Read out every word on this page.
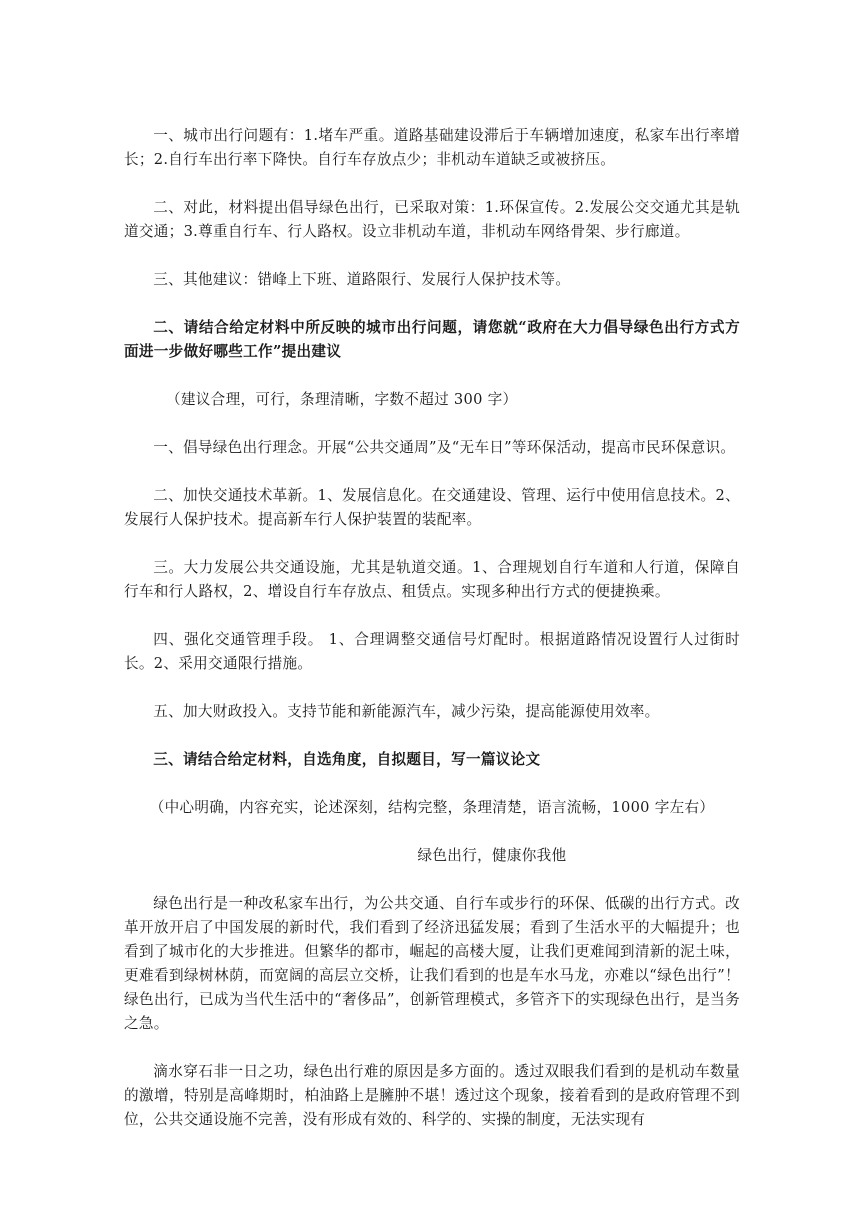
一、城市出行问题有：1.堵车严重。道路基础建设滞后于车辆增加速度，私家车出行率增长；2.自行车出行率下降快。自行车存放点少；非机动车道缺乏或被挤压。

二、对此，材料提出倡导绿色出行，已采取对策：1.环保宣传。2.发展公交交通尤其是轨道交通；3.尊重自行车、行人路权。设立非机动车道，非机动车网络骨架、步行廊道。

三、其他建议：错峰上下班、道路限行、发展行人保护技术等。

二、请结合给定材料中所反映的城市出行问题，请您就“政府在大力倡导绿色出行方式方面进一步做好哪些工作”提出建议

（建议合理，可行，条理清晰，字数不超过 300 字）

一、倡导绿色出行理念。开展“公共交通周”及“无车日”等环保活动，提高市民环保意识。

二、加快交通技术革新。1、发展信息化。在交通建设、管理、运行中使用信息技术。2、发展行人保护技术。提高新车行人保护装置的装配率。

三。大力发展公共交通设施，尤其是轨道交通。1、合理规划自行车道和人行道，保障自行车和行人路权，2、增设自行车存放点、租赁点。实现多种出行方式的便捷换乘。

四、强化交通管理手段。 1、合理调整交通信号灯配时。根据道路情况设置行人过街时长。2、采用交通限行措施。

五、加大财政投入。支持节能和新能源汽车，减少污染，提高能源使用效率。

三、请结合给定材料，自选角度，自拟题目，写一篇议论文

（中心明确，内容充实，论述深刻，结构完整，条理清楚，语言流畅，1000 字左右）

绿色出行，健康你我他

绿色出行是一种改私家车出行，为公共交通、自行车或步行的环保、低碳的出行方式。改革开放开启了中国发展的新时代，我们看到了经济迅猛发展；看到了生活水平的大幅提升；也看到了城市化的大步推进。但繁华的都市，崛起的高楼大厦，让我们更难闻到清新的泥土味，更难看到绿树林荫，而宽阔的高层立交桥，让我们看到的也是车水马龙，亦难以“绿色出行”！绿色出行，已成为当代生活中的“奢侈品”，创新管理模式，多管齐下的实现绿色出行，是当务之急。

滴水穿石非一日之功，绿色出行难的原因是多方面的。透过双眼我们看到的是机动车数量的激增，特别是高峰期时，柏油路上是臃肿不堪！透过这个现象，接着看到的是政府管理不到位，公共交通设施不完善，没有形成有效的、科学的、实操的制度，无法实现有
